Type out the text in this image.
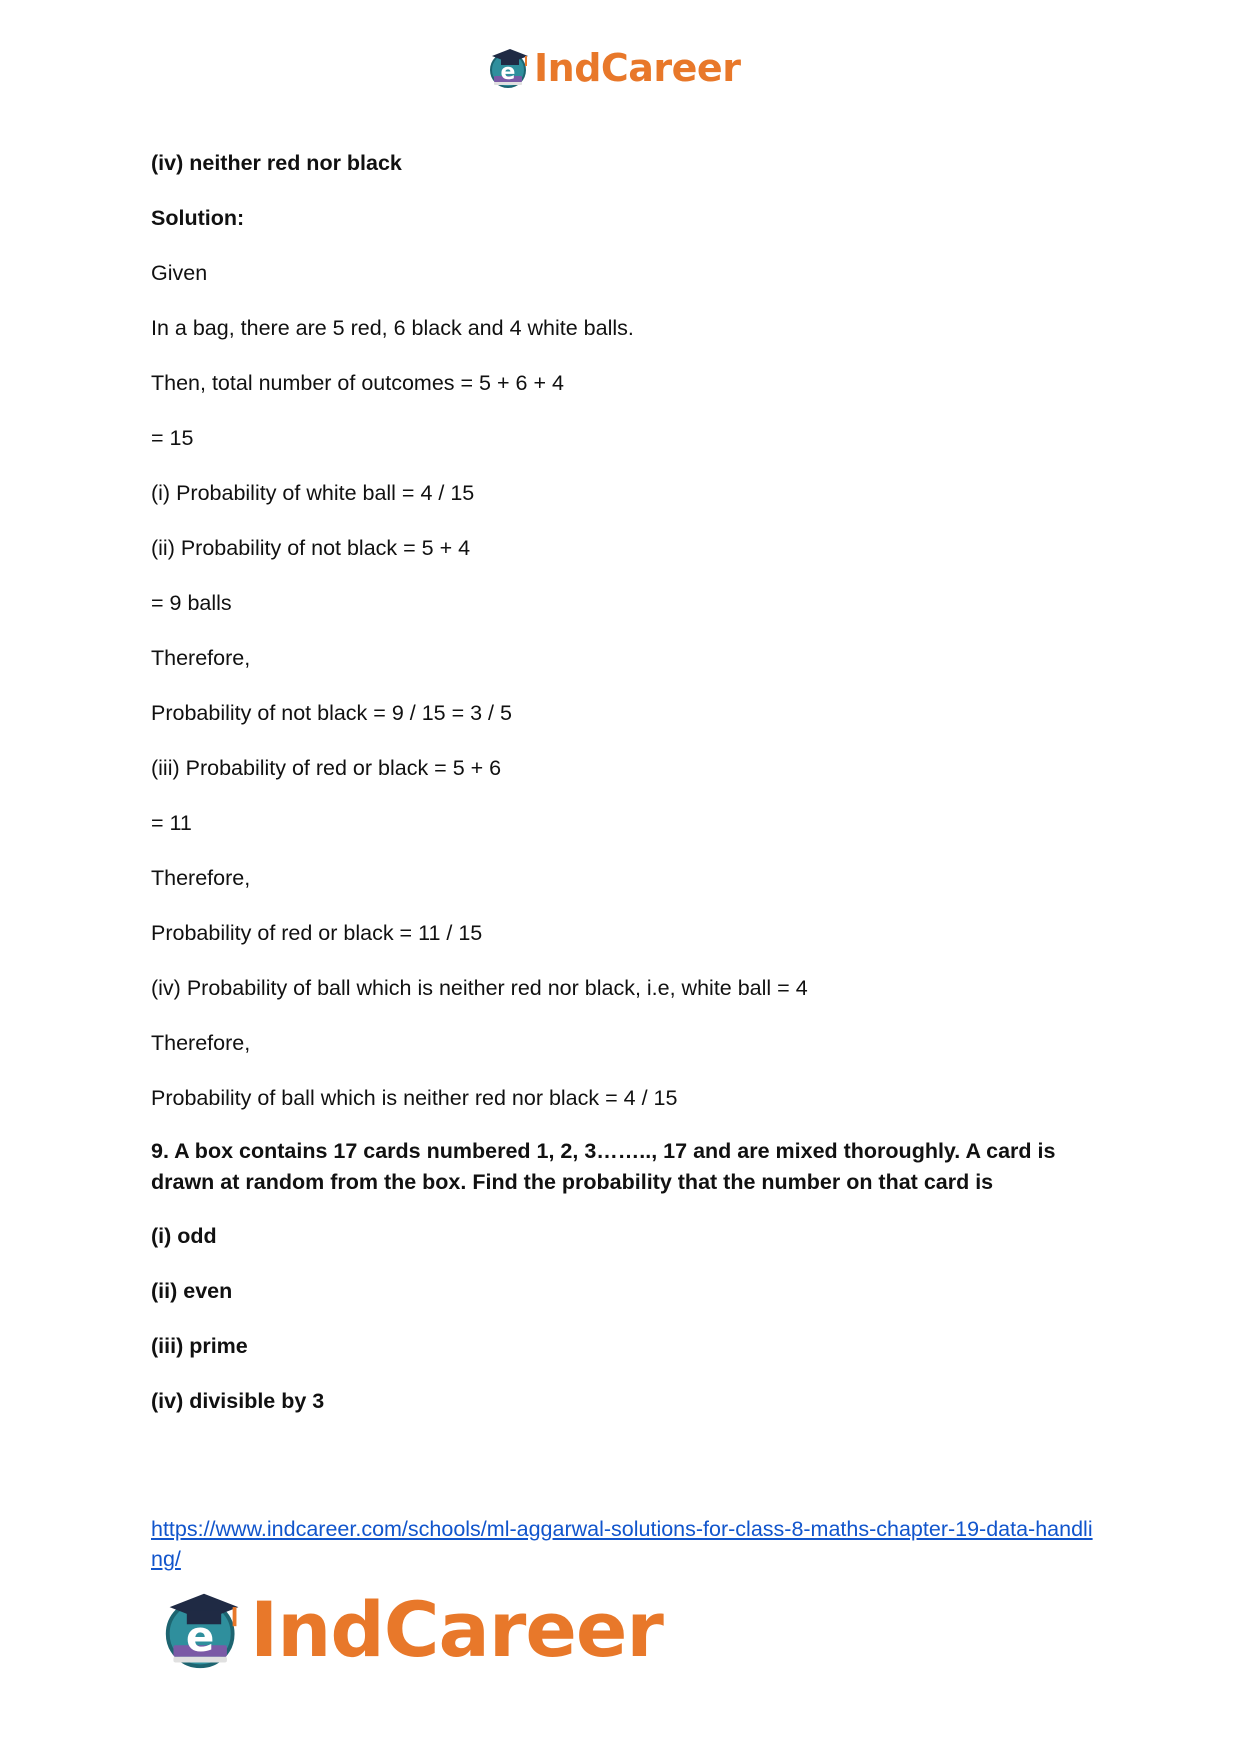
e IndCareer

(iv) neither red nor black

Solution:

Given

In a bag, there are 5 red, 6 black and 4 white balls.

Then, total number of outcomes = 5 + 6 + 4

= 15

(i) Probability of white ball = 4 / 15

(ii) Probability of not black = 5 + 4

= 9 balls

Therefore,

Probability of not black = 9 / 15 = 3 / 5

(iii) Probability of red or black = 5 + 6

= 11

Therefore,

Probability of red or black = 11 / 15

(iv) Probability of ball which is neither red nor black, i.e, white ball = 4

Therefore,

Probability of ball which is neither red nor black = 4 / 15

9. A box contains 17 cards numbered 1, 2, 3…….., 17 and are mixed thoroughly. A card is drawn at random from the box. Find the probability that the number on that card is

(i) odd

(ii) even

(iii) prime

(iv) divisible by 3

https://www.indcareer.com/schools/ml-aggarwal-solutions-for-class-8-maths-chapter-19-data-handling/
e IndCareer
